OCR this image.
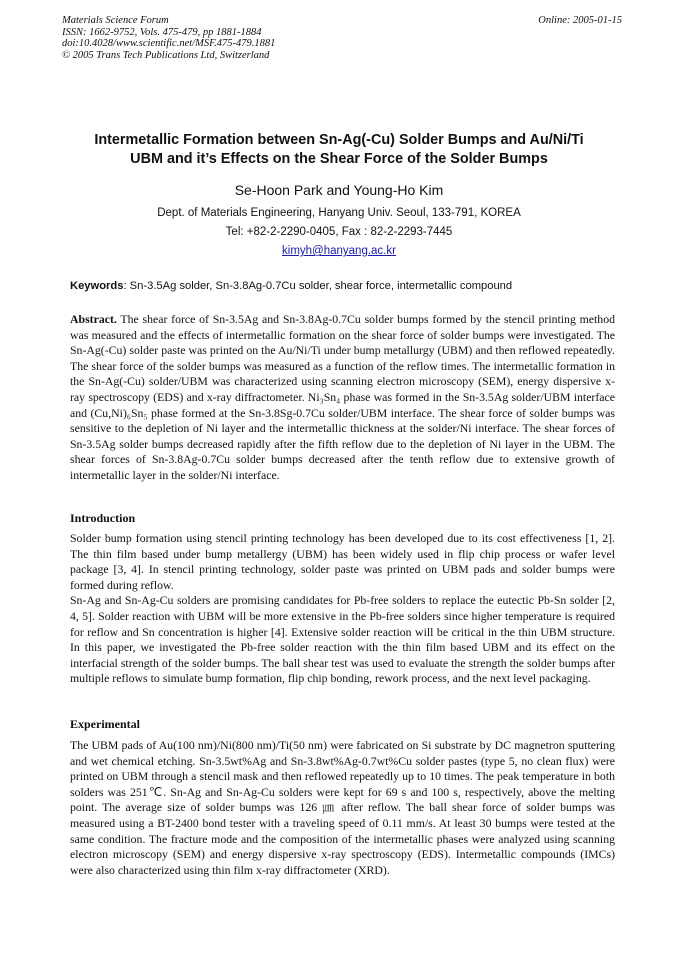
Materials Science Forum
ISSN: 1662-9752, Vols. 475-479, pp 1881-1884
doi:10.4028/www.scientific.net/MSF.475-479.1881
© 2005 Trans Tech Publications Ltd, Switzerland
Online: 2005-01-15
Intermetallic Formation between Sn-Ag(-Cu) Solder Bumps and Au/Ni/Ti
UBM and it’s Effects on the Shear Force of the Solder Bumps
Se-Hoon Park and Young-Ho Kim
Dept. of Materials Engineering, Hanyang Univ. Seoul, 133-791, KOREA
Tel: +82-2-2290-0405, Fax : 82-2-2293-7445
kimyh@hanyang.ac.kr
Keywords: Sn-3.5Ag solder, Sn-3.8Ag-0.7Cu solder, shear force, intermetallic compound

Abstract. The shear force of Sn-3.5Ag and Sn-3.8Ag-0.7Cu solder bumps formed by the stencil printing method was measured and the effects of intermetallic formation on the shear force of solder bumps were investigated. The Sn-Ag(-Cu) solder paste was printed on the Au/Ni/Ti under bump metallurgy (UBM) and then reflowed repeatedly. The shear force of the solder bumps was measured as a function of the reflow times. The intermetallic formation in the Sn-Ag(-Cu) solder/UBM was characterized using scanning electron microscopy (SEM), energy dispersive x-ray spectroscopy (EDS) and x-ray diffractometer. Ni₃Sn₄ phase was formed in the Sn-3.5Ag solder/UBM interface and (Cu,Ni)₆Sn₅ phase formed at the Sn-3.8Sg-0.7Cu solder/UBM interface. The shear force of solder bumps was sensitive to the depletion of Ni layer and the intermetallic thickness at the solder/Ni interface. The shear forces of Sn-3.5Ag solder bumps decreased rapidly after the fifth reflow due to the depletion of Ni layer in the UBM. The shear forces of Sn-3.8Ag-0.7Cu solder bumps decreased after the tenth reflow due to extensive growth of intermetallic layer in the solder/Ni interface.

Introduction

Solder bump formation using stencil printing technology has been developed due to its cost effectiveness [1, 2]. The thin film based under bump metallergy (UBM) has been widely used in flip chip process or wafer level package [3, 4]. In stencil printing technology, solder paste was printed on UBM pads and solder bumps were formed during reflow.

Sn-Ag and Sn-Ag-Cu solders are promising candidates for Pb-free solders to replace the eutectic Pb-Sn solder [2, 4, 5]. Solder reaction with UBM will be more extensive in the Pb-free solders since higher temperature is required for reflow and Sn concentration is higher [4]. Extensive solder reaction will be critical in the thin UBM structure. In this paper, we investigated the Pb-free solder reaction with the thin film based UBM and its effect on the interfacial strength of the solder bumps. The ball shear test was used to evaluate the strength the solder bumps after multiple reflows to simulate bump formation, flip chip bonding, rework process, and the next level packaging.

Experimental

The UBM pads of Au(100 nm)/Ni(800 nm)/Ti(50 nm) were fabricated on Si substrate by DC magnetron sputtering and wet chemical etching. Sn-3.5wt%Ag and Sn-3.8wt%Ag-0.7wt%Cu solder pastes (type 5, no clean flux) were printed on UBM through a stencil mask and then reflowed repeatedly up to 10 times. The peak temperature in both solders was 251℃. Sn-Ag and Sn-Ag-Cu solders were kept for 69 s and 100 s, respectively, above the melting point. The average size of solder bumps was 126 ㎛ after reflow. The ball shear force of solder bumps was measured using a BT-2400 bond tester with a traveling speed of 0.11 mm/s. At least 30 bumps were tested at the same condition. The fracture mode and the composition of the intermetallic phases were analyzed using scanning electron microscopy (SEM) and energy dispersive x-ray spectroscopy (EDS). Intermetallic compounds (IMCs) were also characterized using thin film x-ray diffractometer (XRD).
